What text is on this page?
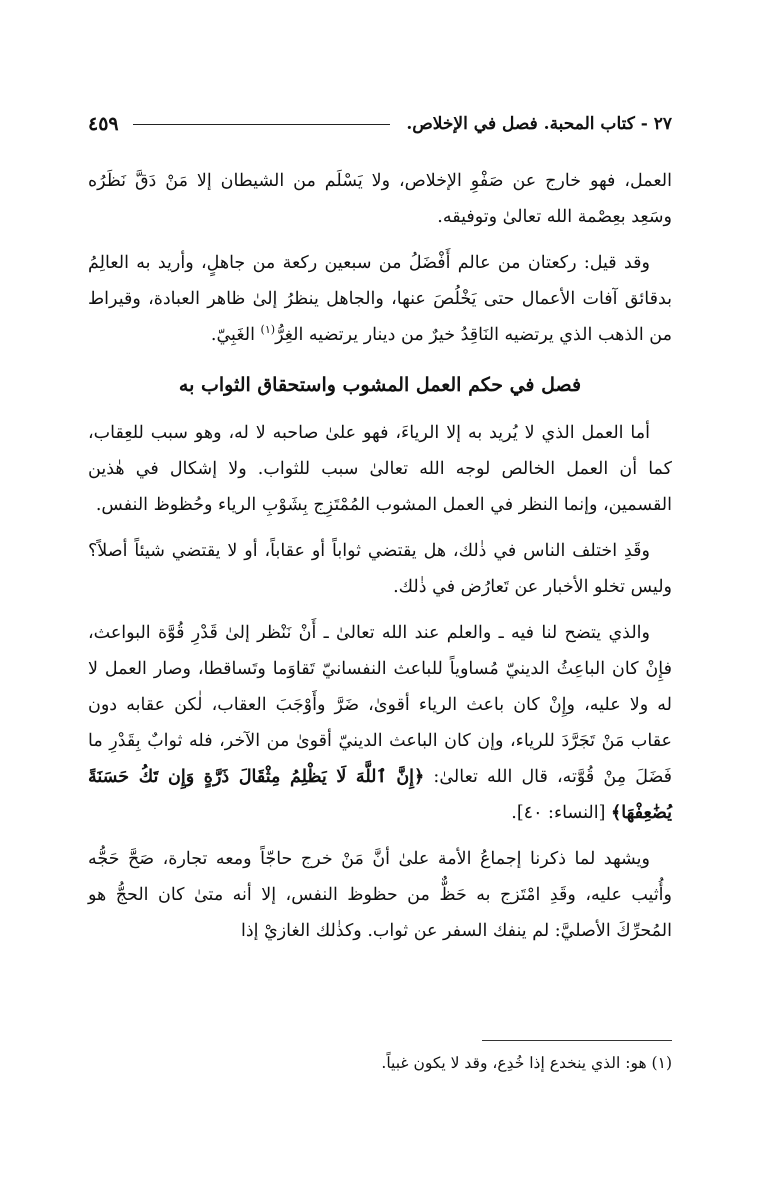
٢٧ - كتاب المحبة. فصل في الإخلاص.
٤٥٩

العمل، فهو خارج عن صَفْوِ الإخلاص، ولا يَسْلَم من الشيطان إلا مَنْ دَقَّ نَظَرُه وسَعِد بعِصْمة الله تعالىٰ وتوفيقه.

وقد قيل: ركعتان من عالم أَفْضَلُ من سبعين ركعة من جاهلٍ، وأريد به العالِمُ بدقائق آفات الأعمال حتى يَخْلُصَ عنها، والجاهل ينظرُ إلىٰ ظاهر العبادة، وقيراط من الذهب الذي يرتضيه النَاقِدُ خيرٌ من دينار يرتضيه الغِرُّ$^{(١)}$ الغَبِيّ.

فصل في حكم العمل المشوب واستحقاق الثواب به

أما العمل الذي لا يُريد به إلا الرياءَ، فهو علىٰ صاحبه لا له، وهو سبب للعِقاب، كما أن العمل الخالص لوجه الله تعالىٰ سبب للثواب. ولا إشكال في هٰذين القسمين، وإنما النظر في العمل المشوب المُمْتَزِج بِشَوْبِ الرياء وحُظوظ النفس.

وقَدِ اختلف الناس في ذٰلك، هل يقتضي ثواباً أو عقاباً، أو لا يقتضي شيئاً أصلاً؟ وليس تخلو الأخبار عن تَعارُض في ذٰلك.

والذي يتضح لنا فيه ـ والعلم عند الله تعالىٰ ـ أَنْ نَنْظر إلىٰ قَدْرِ قُوَّة البواعث، فإِنْ كان الباعِثُ الدينيّ مُساوياً للباعث النفسانيّ تَقاوَما وتَساقطا، وصار العمل لا له ولا عليه، وإِنْ كان باعث الرياء أقوىٰ، ضَرَّ وأَوْجَبَ العقاب، لٰكن عقابه دون عقاب مَنْ تَجَرَّدَ للرياء، وإن كان الباعث الدينيّ أقوىٰ من الآخر، فله ثوابٌ بِقَدْرِ ما فَضَلَ مِنْ قُوَّته، قال الله تعالىٰ: ﴿إِنَّ ٱللَّهَ لَا يَظْلِمُ مِثْقَالَ ذَرَّةٍ وَإِن تَكُ حَسَنَةً يُضَٰعِفْهَا﴾ [النساء: ٤٠].

ويشهد لما ذكرنا إجماعُ الأمة علىٰ أنَّ مَنْ خرج حاجّاً ومعه تجارة، صَحَّ حَجُّه وأُثيب عليه، وقَدِ امْتَزج به حَظٌّ من حظوظ النفس، إلا أنه متىٰ كان الحجُّ هو المُحرِّكَ الأصليَّ: لم ينفك السفر عن ثواب. وكذٰلك الغازيْ إذا

(١) هو: الذي ينخدع إذا خُدِع، وقد لا يكون غبياً.
